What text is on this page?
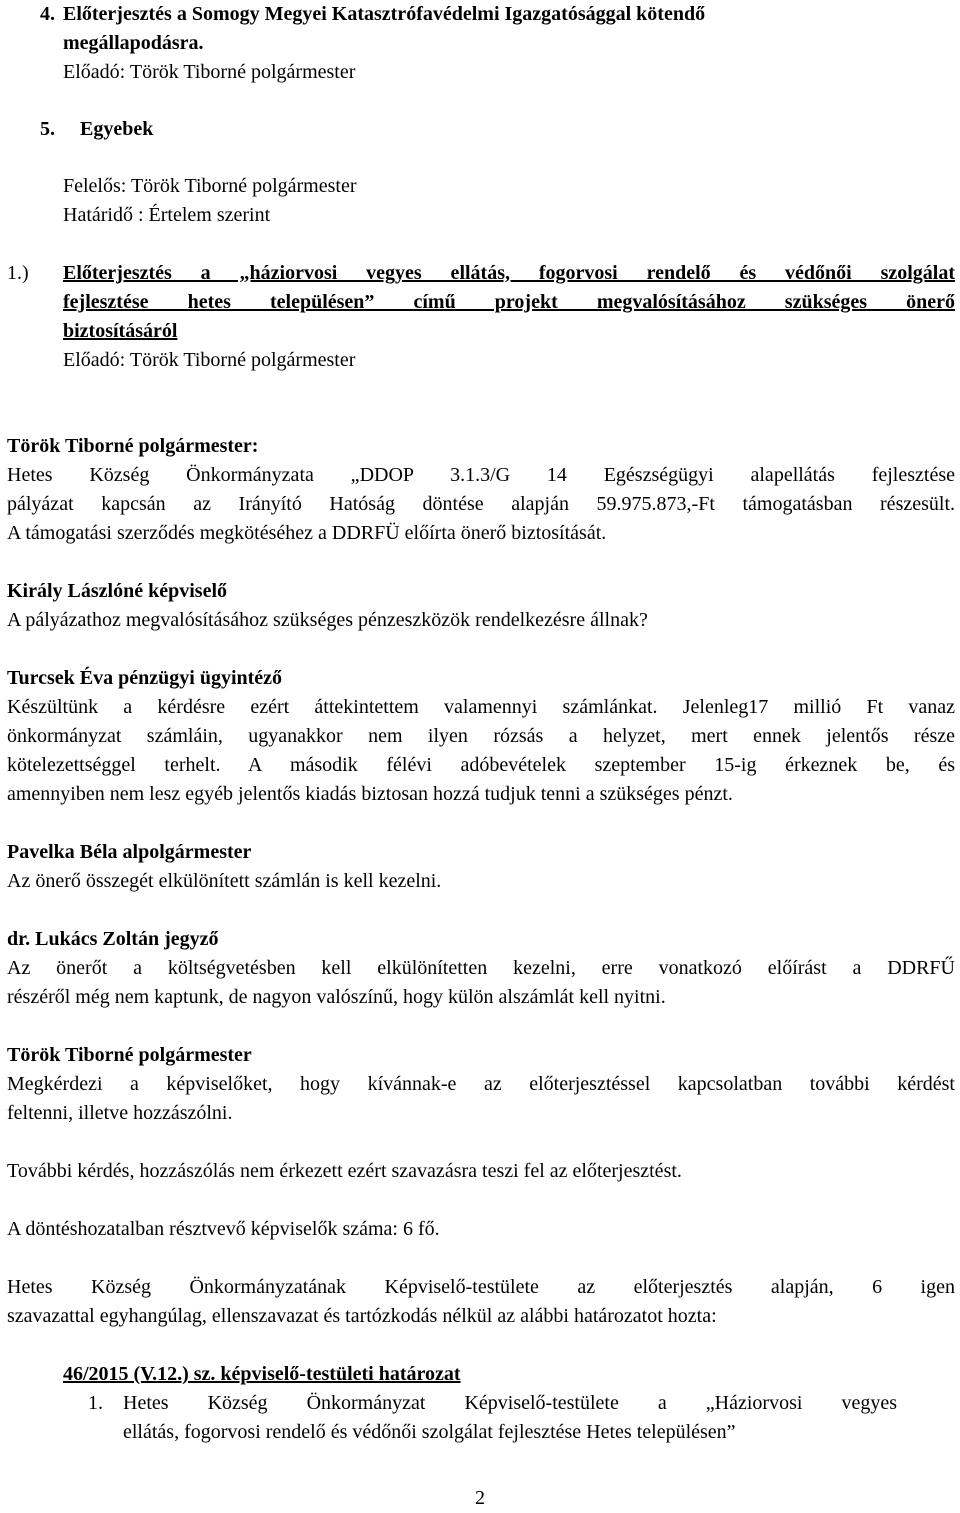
4. Előterjesztés a Somogy Megyei Katasztrófavédelmi Igazgatósággal kötendő
megállapodásra.
Előadó: Török Tiborné polgármester
5. Egyebek
Felelős: Török Tiborné polgármester
Határidő : Értelem szerint
1.) Előterjesztés a „háziorvosi vegyes ellátás, fogorvosi rendelő és védőnői szolgálat
fejlesztése hetes településen” című projekt megvalósításához szükséges önerő
biztosításáról
Előadó: Török Tiborné polgármester
Török Tiborné polgármester:
Hetes Község Önkormányzata „DDOP 3.1.3/G 14 Egészségügyi alapellátás fejlesztése
pályázat kapcsán az Irányító Hatóság döntése alapján 59.975.873,-Ft támogatásban részesült.
A támogatási szerződés megkötéséhez a DDRFÜ előírta önerő biztosítását.
Király Lászlóné képviselő
A pályázathoz megvalósításához szükséges pénzeszközök rendelkezésre állnak?
Turcsek Éva pénzügyi ügyintéző
Készültünk a kérdésre ezért áttekintettem valamennyi számlánkat. Jelenleg17 millió Ft vanaz
önkormányzat számláin, ugyanakkor nem ilyen rózsás a helyzet, mert ennek jelentős része
kötelezettséggel terhelt. A második félévi adóbevételek szeptember 15-ig érkeznek be, és
amennyiben nem lesz egyéb jelentős kiadás biztosan hozzá tudjuk tenni a szükséges pénzt.
Pavelka Béla alpolgármester
Az önerő összegét elkülönített számlán is kell kezelni.
dr. Lukács Zoltán jegyző
Az önerőt a költségvetésben kell elkülönítetten kezelni, erre vonatkozó előírást a DDRFŰ
részéről még nem kaptunk, de nagyon valószínű, hogy külön alszámlát kell nyitni.
Török Tiborné polgármester
Megkérdezi a képviselőket, hogy kívánnak-e az előterjesztéssel kapcsolatban további kérdést
feltenni, illetve hozzászólni.
További kérdés, hozzászólás nem érkezett ezért szavazásra teszi fel az előterjesztést.
A döntéshozatalban résztvevő képviselők száma: 6 fő.
Hetes Község Önkormányzatának Képviselő-testülete az előterjesztés alapján, 6 igen
szavazattal egyhangúlag, ellenszavazat és tartózkodás nélkül az alábbi határozatot hozta:
46/2015 (V.12.) sz. képviselő-testületi határozat
1. Hetes Község Önkormányzat Képviselő-testülete a „Háziorvosi vegyes
ellátás, fogorvosi rendelő és védőnői szolgálat fejlesztése Hetes településen”
2
